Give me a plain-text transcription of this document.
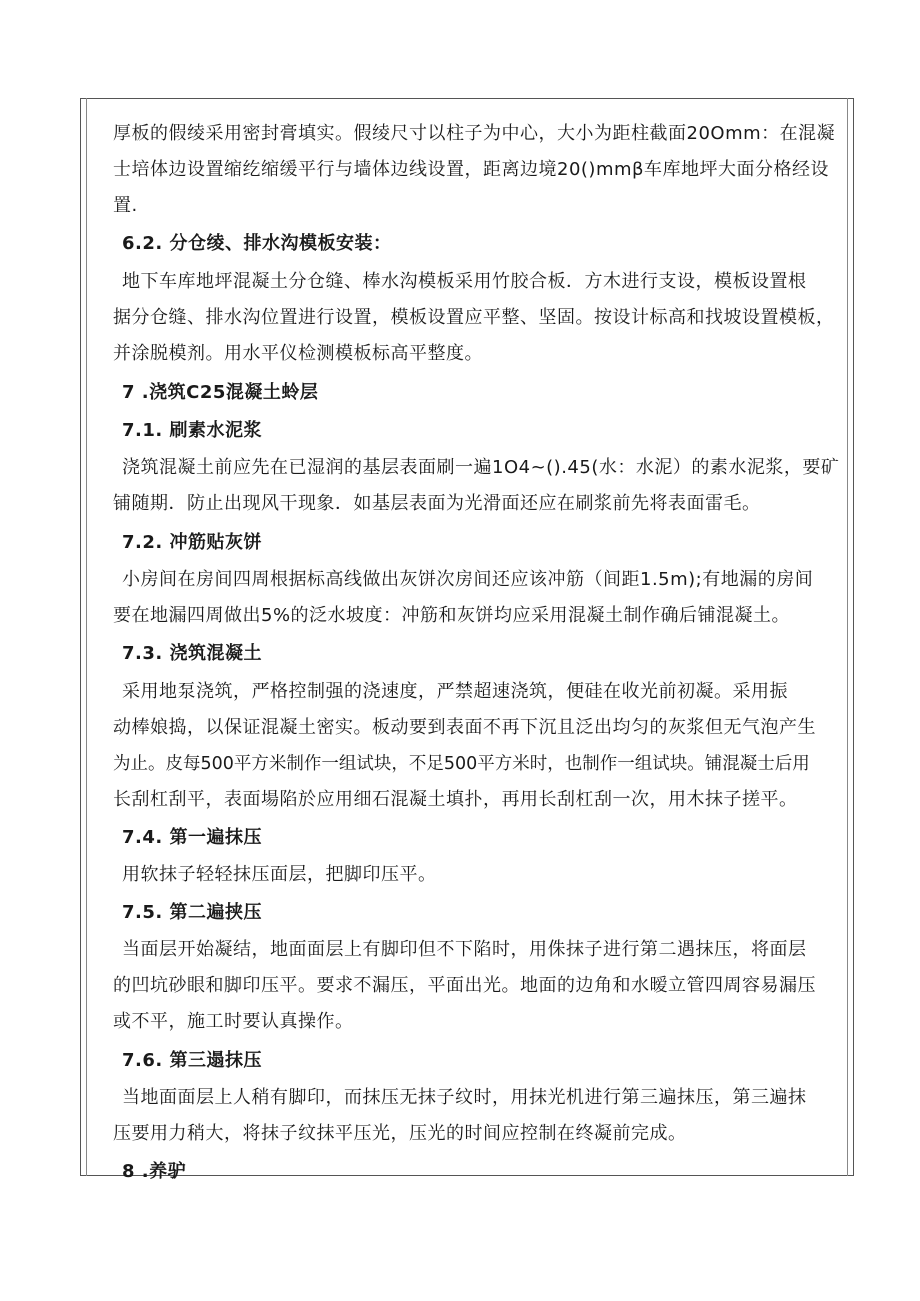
厚板的假绫采用密封膏填实。假绫尺寸以柱子为中心，大小为距柱截面20Omm：在混凝
士培体边设置缩纥缩缓平行与墙体边线设置，距离边境20()mmβ车库地坪大面分格经设
置.
6.2. 分仓绫、排水沟模板安装：
地下车库地坪混凝土分仓缝、棒水沟模板采用竹胶合板．方木进行支设，模板设置根
据分仓缝、排水沟位置进行设置，模板设置应平整、坚固。按设计标高和找坡设置模板，
并涂脱模剂。用水平仪检测模板标高平整度。
7 .浇筑C25混凝土蛉层
7.1. 刷素水泥浆
浇筑混凝土前应先在已湿润的基层表面刷一遍1O4~().45(水：水泥）的素水泥浆，要矿
铺随期．防止出现风干现象．如基层表面为光滑面还应在刷浆前先将表面雷毛。
7.2. 冲筋贴灰饼
小房间在房间四周根据标高线做出灰饼次房间还应该冲筋（间距1.5m);有地漏的房间
要在地漏四周做出5%的泛水坡度：冲筋和灰饼均应采用混凝土制作确后铺混凝土。
7.3. 浇筑混凝土
采用地泵浇筑，严格控制强的浇速度，严禁超速浇筑，便硅在收光前初凝。采用振
动棒娘捣，以保证混凝土密实。板动要到表面不再下沉且泛出均匀的灰浆但无气泡产生
为止。皮每500平方米制作一组试块，不足500平方米时，也制作一组试块。铺混凝士后用
长刮杠刮平，表面場陷於应用细石混凝土填扑，再用长刮杠刮一次，用木抹子搓平。
7.4. 第一遍抹压
用软抹子轻轻抹压面层，把脚印压平。
7.5. 第二遍挟压
当面层开始凝结，地面面层上有脚印但不下陷时，用侏抹子进行第二遇抹压，将面层
的凹坑砂眼和脚印压平。要求不漏压，平面出光。地面的边角和水暧立管四周容易漏压
或不平，施工时要认真操作。
7.6. 第三遢抹压
当地面面层上人稍有脚印，而抹压无抹子纹时，用抹光机进行第三遍抹压，第三遍抹
压要用力稍大，将抹子纹抹平压光，压光的时间应控制在终凝前完成。
8 .养驴
